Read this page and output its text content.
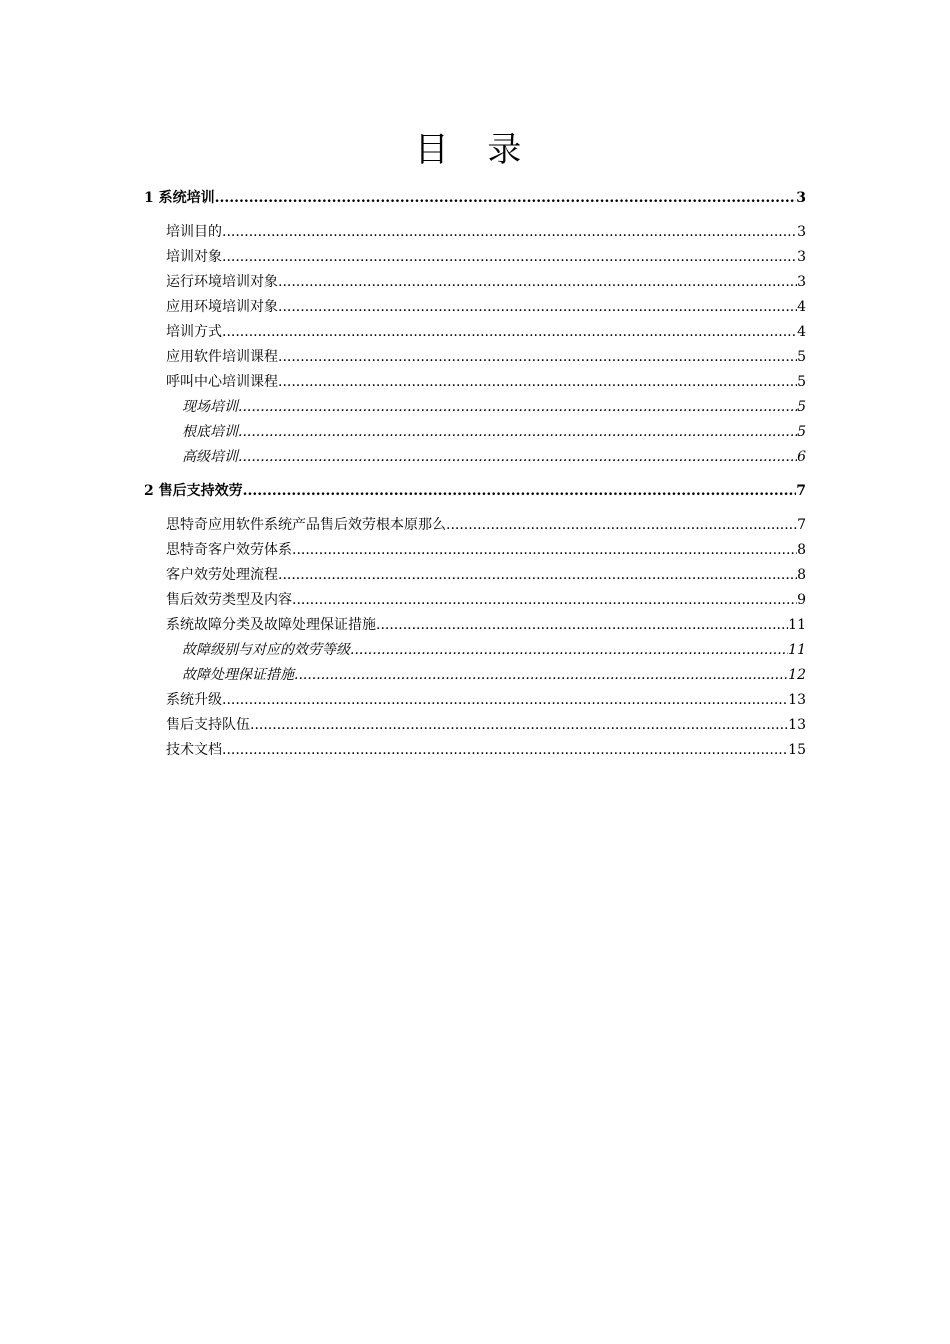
目 录
1 系统培训 .....	3
培训目的 .....	3
培训对象 .....	3
运行环境培训对象 .....	3
应用环境培训对象 .....	4
培训方式 .....	4
应用软件培训课程 .....	5
呼叫中心培训课程 .....	5
现场培训 .....	5
根底培训 .....	5
高级培训 .....	6
2 售后支持效劳 .....	7
思特奇应用软件系统产品售后效劳根本原那么 .....	7
思特奇客户效劳体系 .....	8
客户效劳处理流程 .....	8
售后效劳类型及内容 .....	9
系统故障分类及故障处理保证措施 .....	11
故障级别与对应的效劳等级 .....	11
故障处理保证措施 .....	12
系统升级 .....	13
售后支持队伍 .....	13
技术文档 .....	15
